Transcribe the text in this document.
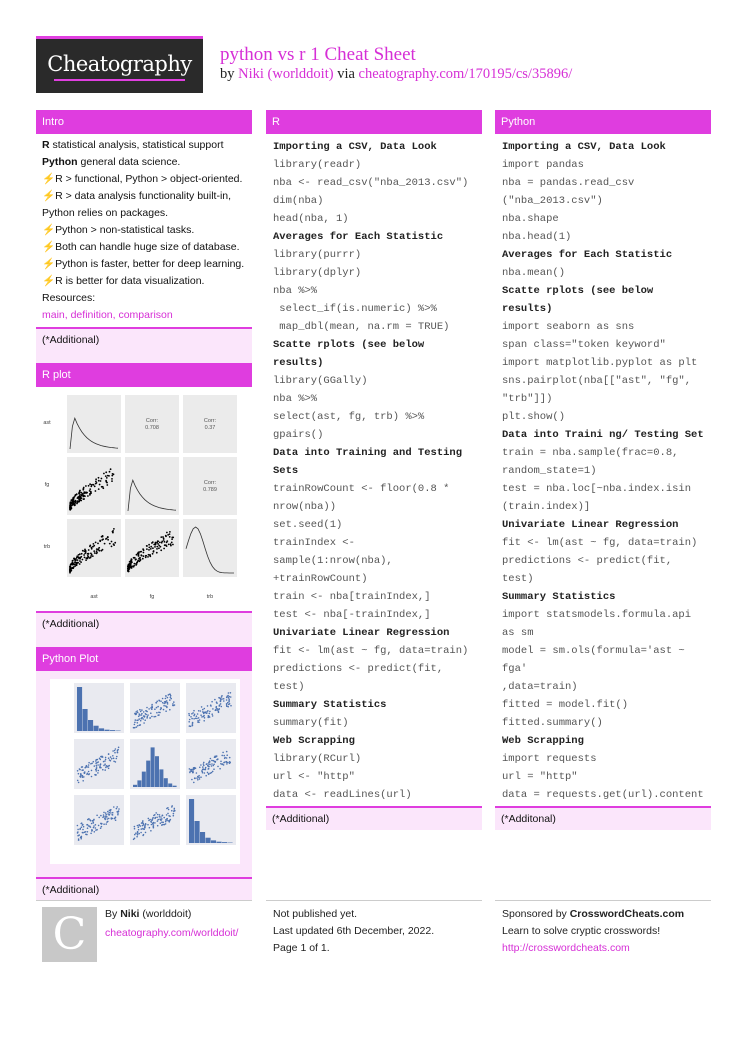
Cheatography	python vs r 1 Cheat Sheet
by Niki (worlddoit) via cheatography.com/170195/cs/35896/
Intro
R statistical analysis, statistical support
Python general data science.
⚡R > functional, Python > object-oriented.
⚡R > data analysis functionality built-in,
Python relies on packages.
⚡Python > non-statistical tasks.
⚡Both can handle huge size of database.
⚡Python is faster, better for deep learning.
⚡R is better for data visualization.
Resources:
main, definition, comparison
(*Additional)
R plot
Corr:
0.708
Corr:
0.37
Corr:
0.789
ast	fg	trb
ast
fg
trb
(*Additional)
Python Plot
(*Additional)
R
Importing a CSV, Data Look
library(readr)
nba <- read_csv("nba_2013.csv")
dim(nba)
head(nba, 1)
Averages for Each Statistic
library(purrr)
library(dplyr)
nba %>%
select_if(is.numeric) %>%
map_dbl(mean, na.rm = TRUE)
Scatte rplots (see below
results)
library(GGally)
nba %>%
select(ast, fg, trb) %>%
gpairs()
Data into Training and Testing
Sets
trainRowCount <- floor(0.8 *
nrow(nba))
set.seed(1)
trainIndex <-
sample(1:nrow(nba),
+trainRowCount)
train <- nba[trainIndex,]
test <- nba[-trainIndex,]
Univariate Linear Regression
fit <- lm(ast ~ fg, data=train)
predictions <- predict(fit,
test)
Summary Statistics
summary(fit)
Web Scrapping
library(RCurl)
url <- "http"
data <- readLines(url)
(*Additional)
Python
Importing a CSV, Data Look
import pandas
nba = pandas.read_csv
("nba_2013.csv")
nba.shape
nba.head(1)
Averages for Each Statistic
nba.mean()
Scatte rplots (see below
results)
import seaborn as sns
span class="token keyword"
import matplotlib.pyplot as plt
sns.pairplot(nba[["ast", "fg",
"trb"]])
plt.show()
Data into Traini ng/ Testing Set
train = nba.sample(frac=0.8,
random_state=1)
test = nba.loc[~nba.index.isin
(train.index)]
Univariate Linear Regression
fit <- lm(ast ~ fg, data=train)
predictions <- predict(fit,
test)
Summary Statistics
import statsmodels.formula.api
as sm
model = sm.ols(formula='ast ~
fga'
,data=train)
fitted = model.fit()
fitted.summary()
Web Scrapping
import requests
url = "http"
data = requests.get(url).content
(*Additonal)
C	By Niki (worlddoit)
cheatography.com/worlddoit/
Not published yet.
Last updated 6th December, 2022.
Page 1 of 1.
Sponsored by CrosswordCheats.com
Learn to solve cryptic crosswords!
http://crosswordcheats.com
